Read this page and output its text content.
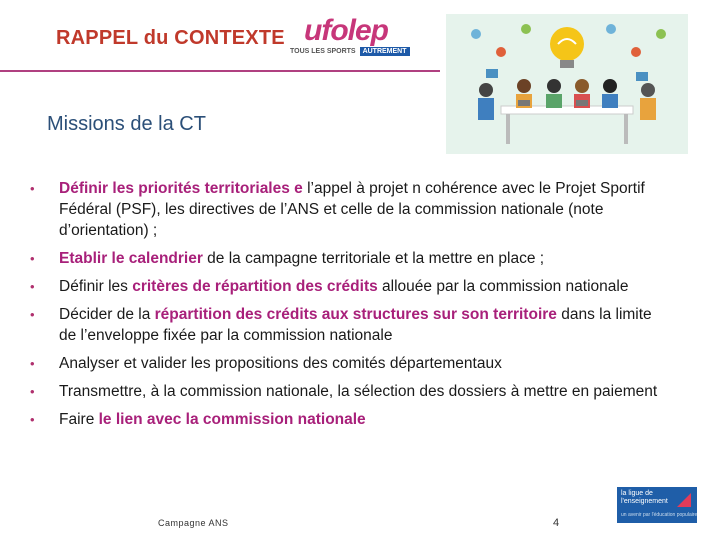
RAPPEL du CONTEXTE ufolep
TOUS LES SPORTS AUTREMENT
Missions de la CT
• Définir les priorités territoriales e l’appel à projet n cohérence avec le Projet Sportif Fédéral (PSF), les directives de l’ANS et celle de la commission nationale (note d’orientation) ;
• Etablir le calendrier de la campagne territoriale et la mettre en place ;
• Définir les critères de répartition des crédits allouée par la commission nationale
• Décider de la répartition des crédits aux structures sur son territoire dans la limite de l’enveloppe fixée par la commission nationale
• Analyser et valider les propositions des comités départementaux
• Transmettre, à la commission nationale, la sélection des dossiers à mettre en paiement
• Faire le lien avec la commission nationale
Campagne ANS	4
la ligue de
l'enseignement
un avenir par l'éducation populaire
